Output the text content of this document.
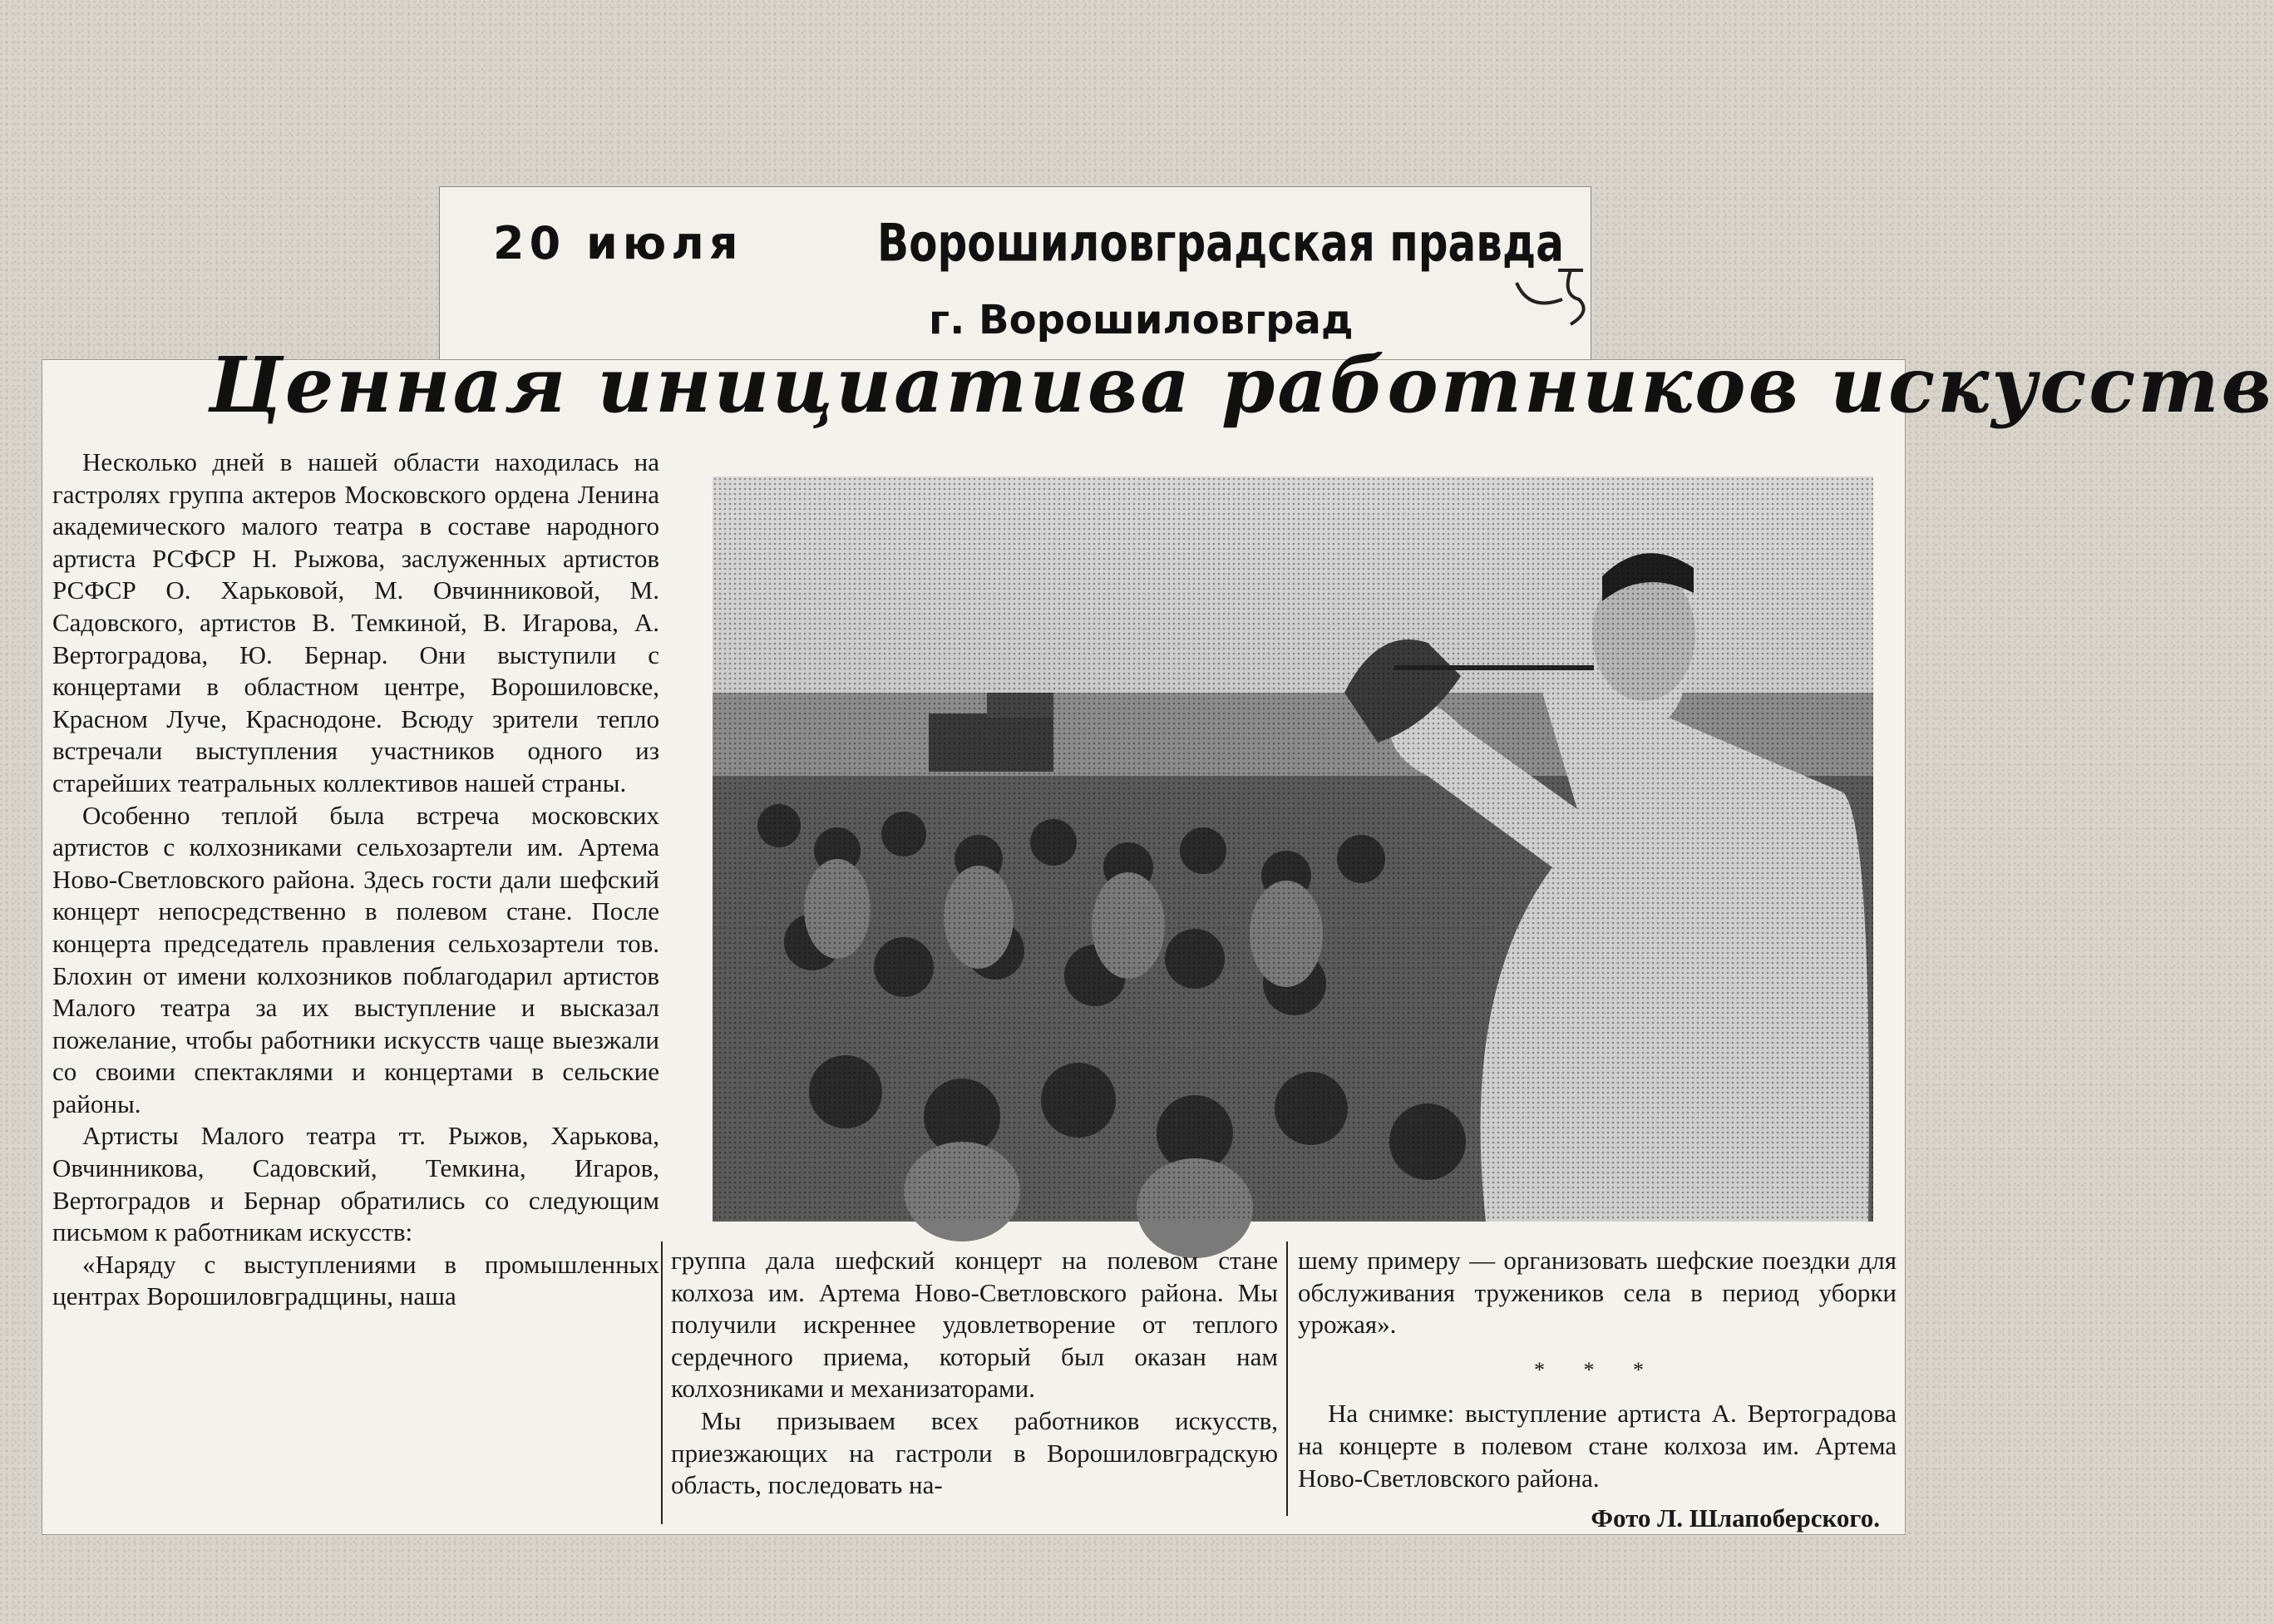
20 июля	Ворошиловградская правда
г. Ворошиловград
Ценная инициатива работников искусств

Несколько дней в нашей области находилась на гастролях группа актеров Московского ордена Ленина академического малого театра в составе народного артиста РСФСР Н. Рыжова, заслуженных артистов РСФСР О. Харьковой, М. Овчинниковой, М. Садовского, артистов В. Темкиной, В. Игарова, А. Вертоградова, Ю. Бернар. Они выступили с концертами в областном центре, Ворошиловске, Красном Луче, Краснодоне. Всюду зрители тепло встречали выступления участников одного из старейших театральных коллективов нашей страны.

Особенно теплой была встреча московских артистов с колхозниками сельхозартели им. Артема Ново-Светловского района. Здесь гости дали шефский концерт непосредственно в полевом стане. После концерта председатель правления сельхозартели тов. Блохин от имени колхозников поблагодарил артистов Малого театра за их выступление и высказал пожелание, чтобы работники искусств чаще выезжали со своими спектаклями и концертами в сельские районы.

Артисты Малого театра тт. Рыжов, Харькова, Овчинникова, Садовский, Темкина, Игаров, Вертоградов и Бернар обратились со следующим письмом к работникам искусств:

«Наряду с выступлениями в промышленных центрах Ворошиловградщины, наша

группа дала шефский концерт на полевом стане колхоза им. Артема Ново-Светловского района. Мы получили искреннее удовлетворение от теплого сердечного приема, который был оказан нам колхозниками и механизаторами.

Мы призываем всех работников искусств, приезжающих на гастроли в Ворошиловградскую область, последовать на-

шему примеру — организовать шефские поездки для обслуживания тружеников села в период уборки урожая».

* * *

На снимке: выступление артиста А. Вертоградова на концерте в полевом стане колхоза им. Артема Ново-Светловского района.

Фото Л. Шлапоберского.
